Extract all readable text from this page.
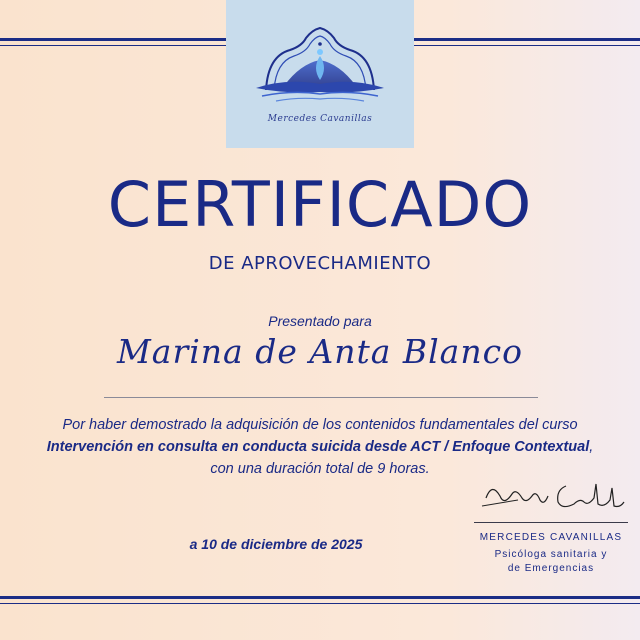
Mercedes Cavanillas
CERTIFICADO
DE APROVECHAMIENTO
Presentado para
Marina de Anta Blanco
Por haber demostrado la adquisición de los contenidos fundamentales del curso Intervención en consulta en conducta suicida desde ACT / Enfoque Contextual, con una duración total de 9 horas.
a 10 de diciembre de 2025	MERCEDES CAVANILLAS
Psicóloga sanitaria y
de Emergencias
